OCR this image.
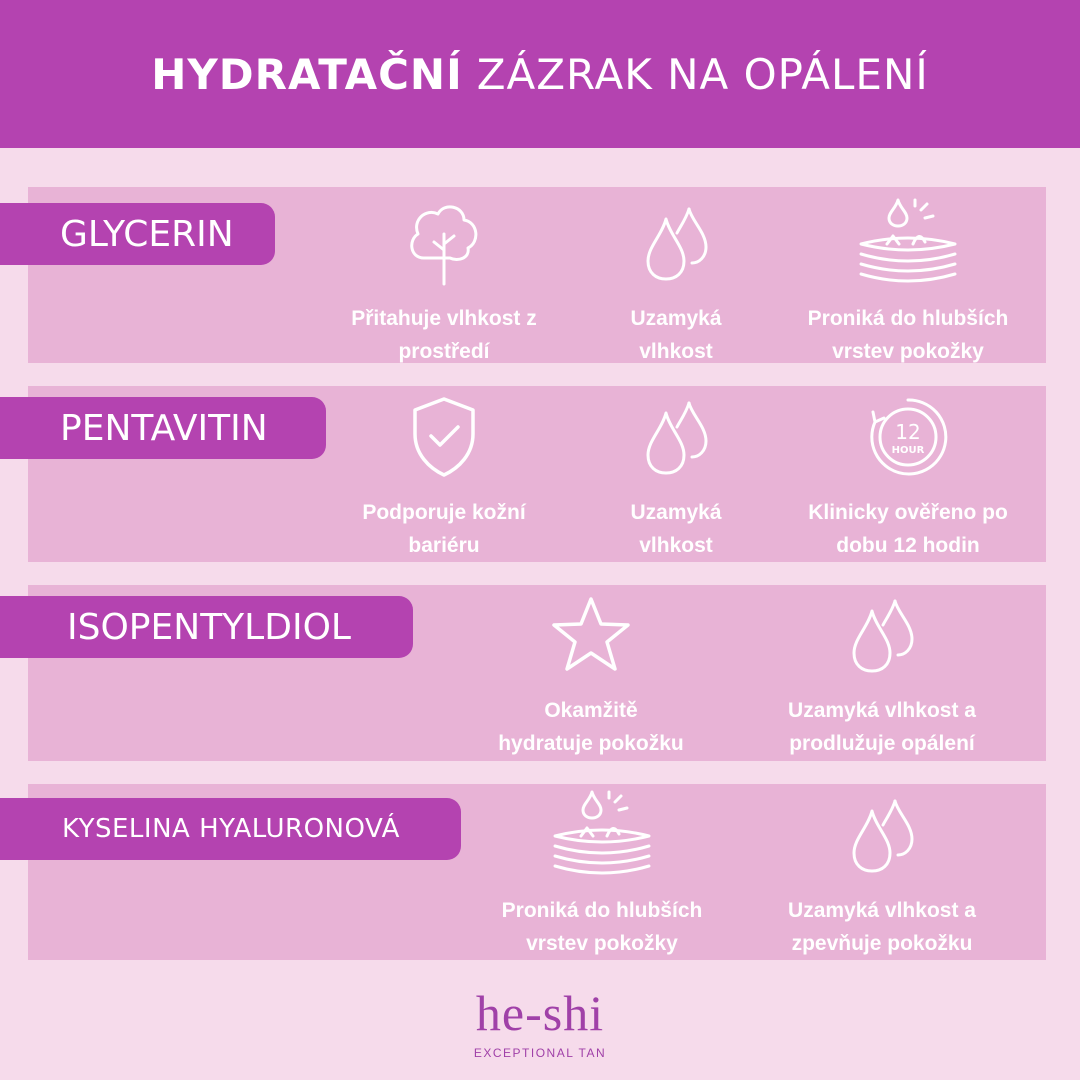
HYDRATAČNÍ ZÁZRAK NA OPÁLENÍ
GLYCERIN
PENTAVITIN
ISOPENTYLDIOL
KYSELINA HYALURONOVÁ
Přitahuje vlhkost z
prostředí
Uzamyká
vlhkost
Proniká do hlubších
vrstev pokožky
Podporuje kožní
bariéru
Uzamyká
vlhkost
12
HOUR
Klinicky ověřeno po
dobu 12 hodin
Okamžitě
hydratuje pokožku
Uzamyká vlhkost a
prodlužuje opálení
Proniká do hlubších
vrstev pokožky
Uzamyká vlhkost a
zpevňuje pokožku
he-shi
EXCEPTIONAL TAN
